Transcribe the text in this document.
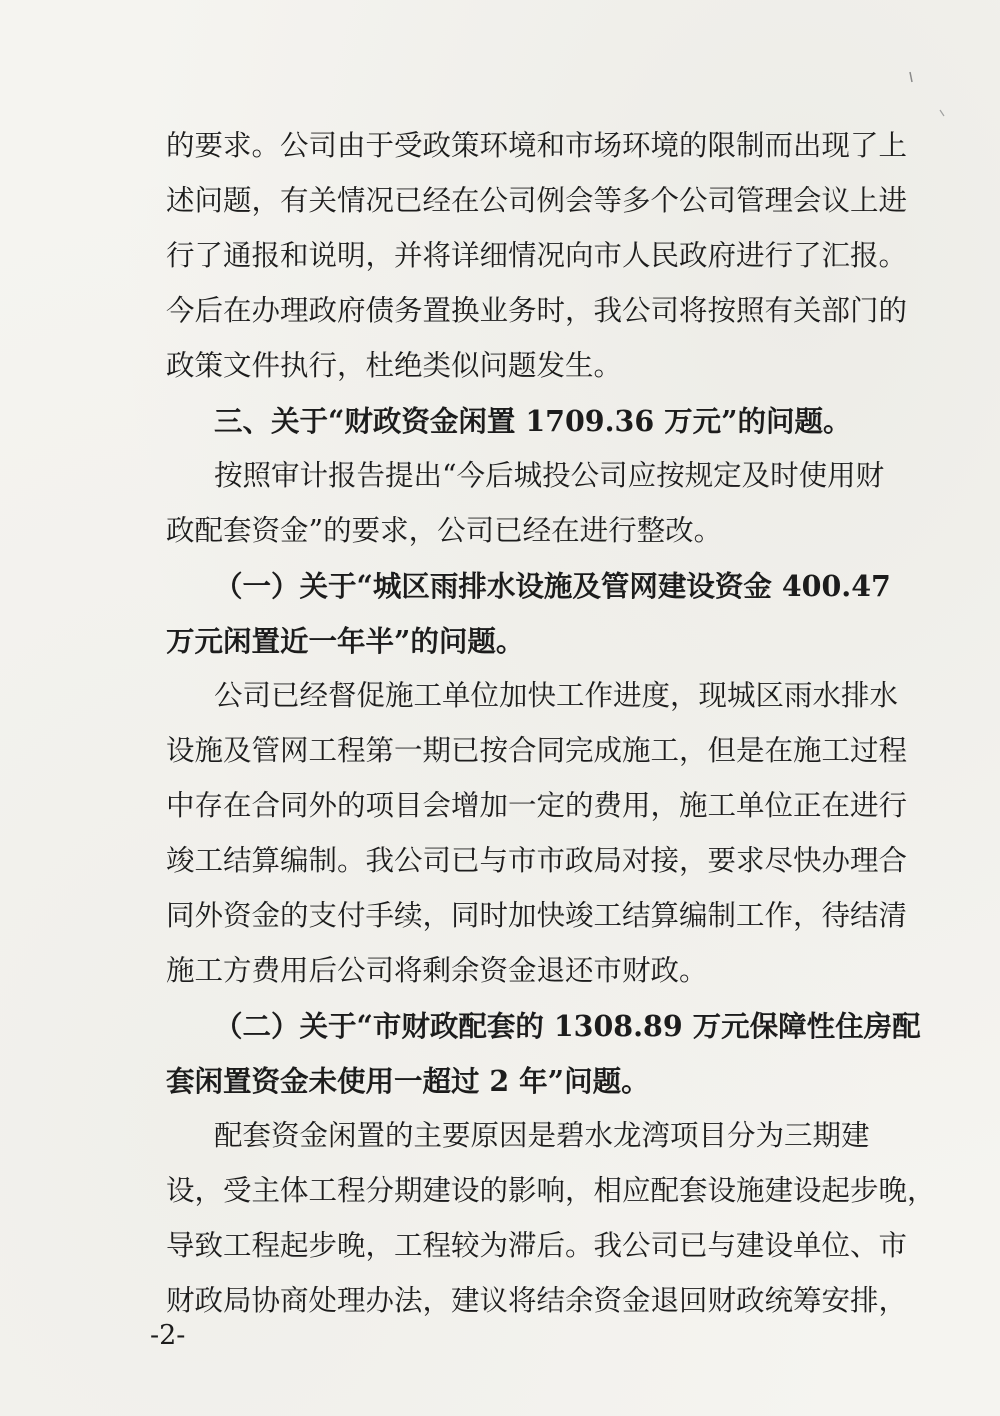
的要求。公司由于受政策环境和市场环境的限制而出现了上
述问题，有关情况已经在公司例会等多个公司管理会议上进
行了通报和说明，并将详细情况向市人民政府进行了汇报。
今后在办理政府债务置换业务时，我公司将按照有关部门的
政策文件执行，杜绝类似问题发生。
三、关于“财政资金闲置 1709.36 万元”的问题。
按照审计报告提出“今后城投公司应按规定及时使用财
政配套资金”的要求，公司已经在进行整改。
（一）关于“城区雨排水设施及管网建设资金 400.47
万元闲置近一年半”的问题。
公司已经督促施工单位加快工作进度，现城区雨水排水
设施及管网工程第一期已按合同完成施工，但是在施工过程
中存在合同外的项目会增加一定的费用，施工单位正在进行
竣工结算编制。我公司已与市市政局对接，要求尽快办理合
同外资金的支付手续，同时加快竣工结算编制工作，待结清
施工方费用后公司将剩余资金退还市财政。
（二）关于“市财政配套的 1308.89 万元保障性住房配
套闲置资金未使用一超过 2 年”问题。
配套资金闲置的主要原因是碧水龙湾项目分为三期建
设，受主体工程分期建设的影响，相应配套设施建设起步晚，
导致工程起步晚，工程较为滞后。我公司已与建设单位、市
财政局协商处理办法，建议将结余资金退回财政统筹安排，
-2-
